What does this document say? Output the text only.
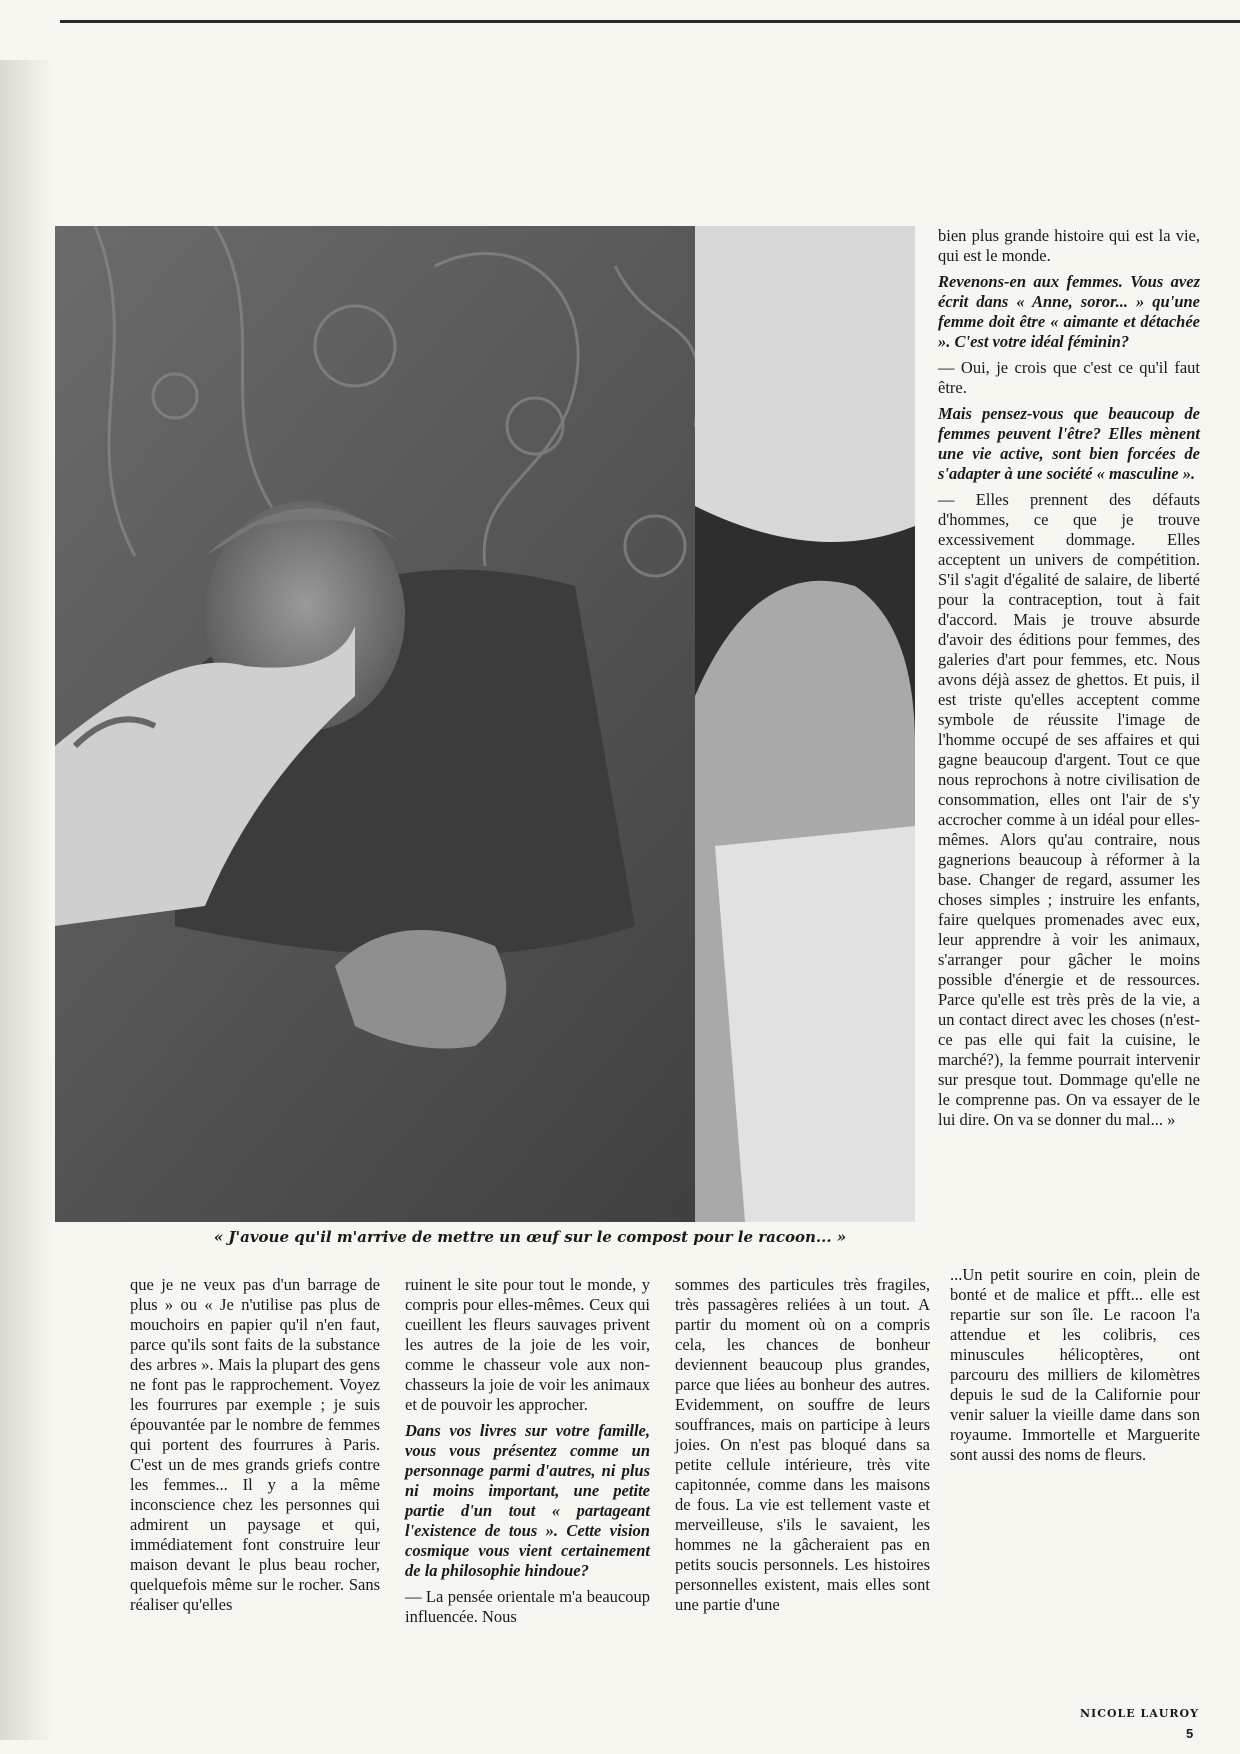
« J'avoue qu'il m'arrive de mettre un œuf sur le compost pour le racoon... »

bien plus grande histoire qui est la vie, qui est le monde.

Revenons-en aux femmes. Vous avez écrit dans « Anne, soror... » qu'une femme doit être « aimante et détachée ». C'est votre idéal féminin?

— Oui, je crois que c'est ce qu'il faut être.

Mais pensez-vous que beaucoup de femmes peuvent l'être? Elles mènent une vie active, sont bien forcées de s'adapter à une société « masculine ».

— Elles prennent des défauts d'hommes, ce que je trouve excessivement dommage. Elles acceptent un univers de compétition. S'il s'agit d'égalité de salaire, de liberté pour la contraception, tout à fait d'accord. Mais je trouve absurde d'avoir des éditions pour femmes, des galeries d'art pour femmes, etc. Nous avons déjà assez de ghettos. Et puis, il est triste qu'elles acceptent comme symbole de réussite l'image de l'homme occupé de ses affaires et qui gagne beaucoup d'argent. Tout ce que nous reprochons à notre civilisation de consommation, elles ont l'air de s'y accrocher comme à un idéal pour elles-mêmes. Alors qu'au contraire, nous gagnerions beaucoup à réformer à la base. Changer de regard, assumer les choses simples ; instruire les enfants, faire quelques promenades avec eux, leur apprendre à voir les animaux, s'arranger pour gâcher le moins possible d'énergie et de ressources. Parce qu'elle est très près de la vie, a un contact direct avec les choses (n'est-ce pas elle qui fait la cuisine, le marché?), la femme pourrait intervenir sur presque tout. Dommage qu'elle ne le comprenne pas. On va essayer de le lui dire. On va se donner du mal... »

que je ne veux pas d'un barrage de plus » ou « Je n'utilise pas plus de mouchoirs en papier qu'il n'en faut, parce qu'ils sont faits de la substance des arbres ». Mais la plupart des gens ne font pas le rapprochement. Voyez les fourrures par exemple ; je suis épouvantée par le nombre de femmes qui portent des fourrures à Paris. C'est un de mes grands griefs contre les femmes... Il y a la même inconscience chez les personnes qui admirent un paysage et qui, immédiatement font construire leur maison devant le plus beau rocher, quelquefois même sur le rocher. Sans réaliser qu'elles

ruinent le site pour tout le monde, y compris pour elles-mêmes. Ceux qui cueillent les fleurs sauvages privent les autres de la joie de les voir, comme le chasseur vole aux non-chasseurs la joie de voir les animaux et de pouvoir les approcher.

Dans vos livres sur votre famille, vous vous présentez comme un personnage parmi d'autres, ni plus ni moins important, une petite partie d'un tout « partageant l'existence de tous ». Cette vision cosmique vous vient certainement de la philosophie hindoue?

— La pensée orientale m'a beaucoup influencée. Nous

sommes des particules très fragiles, très passagères reliées à un tout. A partir du moment où on a compris cela, les chances de bonheur deviennent beaucoup plus grandes, parce que liées au bonheur des autres. Evidemment, on souffre de leurs souffrances, mais on participe à leurs joies. On n'est pas bloqué dans sa petite cellule intérieure, très vite capitonnée, comme dans les maisons de fous. La vie est tellement vaste et merveilleuse, s'ils le savaient, les hommes ne la gâcheraient pas en petits soucis personnels. Les histoires personnelles existent, mais elles sont une partie d'une

...Un petit sourire en coin, plein de bonté et de malice et pfft... elle est repartie sur son île. Le racoon l'a attendue et les colibris, ces minuscules hélicoptères, ont parcouru des milliers de kilomètres depuis le sud de la Californie pour venir saluer la vieille dame dans son royaume. Immortelle et Marguerite sont aussi des noms de fleurs.

NICOLE LAUROY
5
